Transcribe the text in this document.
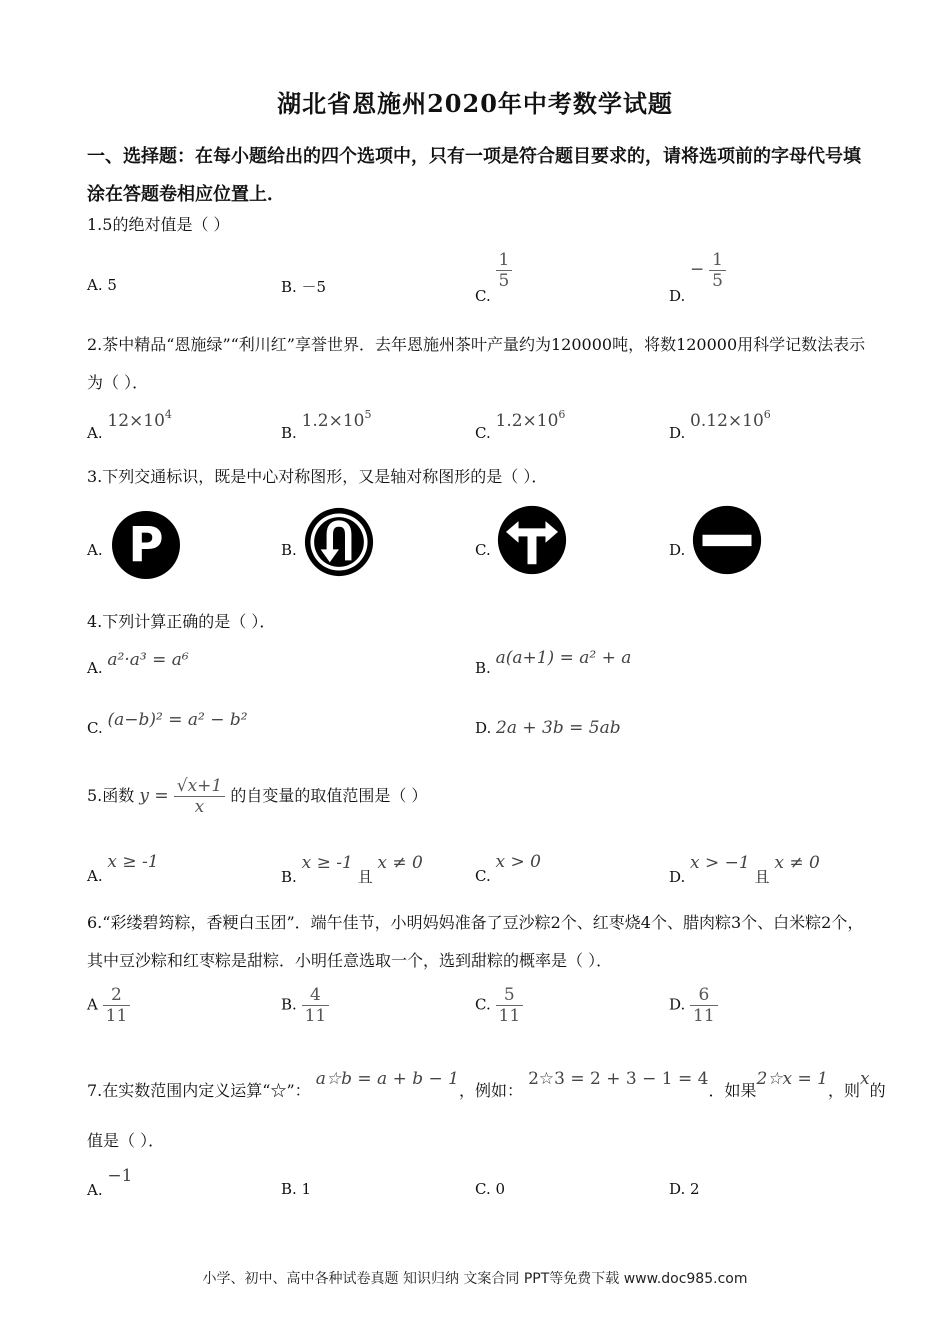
湖北省恩施州2020年中考数学试题
一、选择题：在每小题给出的四个选项中，只有一项是符合题目要求的，请将选项前的字母代号填涂在答题卷相应位置上．
1.5的绝对值是（ ）
A. 5	B. －5	C.
$\frac{1}{5}$
D. − $\frac{1}{5}$
2.茶中精品“恩施绿”“利川红”享誉世界．去年恩施州茶叶产量约为120000吨，将数120000用科学记数法表示为（ ）．
A. $12\times 10^4$
B. $1.2\times 10^5$
C. $1.2\times 10^6$
D. $0.12\times 10^6$
3.下列交通标识，既是中心对称图形，又是轴对称图形的是（ ）．
A.	B.	C.	D.
P
4.下列计算正确的是（ ）．
A. a²·a³ = a⁶	B. a(a+1) = a² + a
C. (a−b)² = a² − b²	D. 2a + 3b = 5ab
5.函数 $y = \frac{√x+1}{x}$ 的自变量的取值范围是（ ）
A. x ≥ -1
B. x ≥ -1 且 x ≠ 0
C. x > 0
D. x > −1 且 x ≠ 0
6.“彩缕碧筠粽，香粳白玉团”．端午佳节，小明妈妈准备了豆沙粽2个、红枣烧4个、腊肉粽3个、白米粽2个，其中豆沙粽和红枣粽是甜粽．小明任意选取一个，选到甜粽的概率是（ ）．
A $\frac{2}{11}$	B. $\frac{4}{11}$	C. $\frac{5}{11}$	D. $\frac{6}{11}$
7.在实数范围内定义运算“☆”： a☆b = a + b − 1，例如： 2☆3 = 2 + 3 − 1 = 4．如果2☆x = 1，则x的
值是（ ）．
A. −1
B. 1	C. 0	D. 2
小学、初中、高中各种试卷真题 知识归纳 文案合同 PPT等免费下载 www.doc985.com
